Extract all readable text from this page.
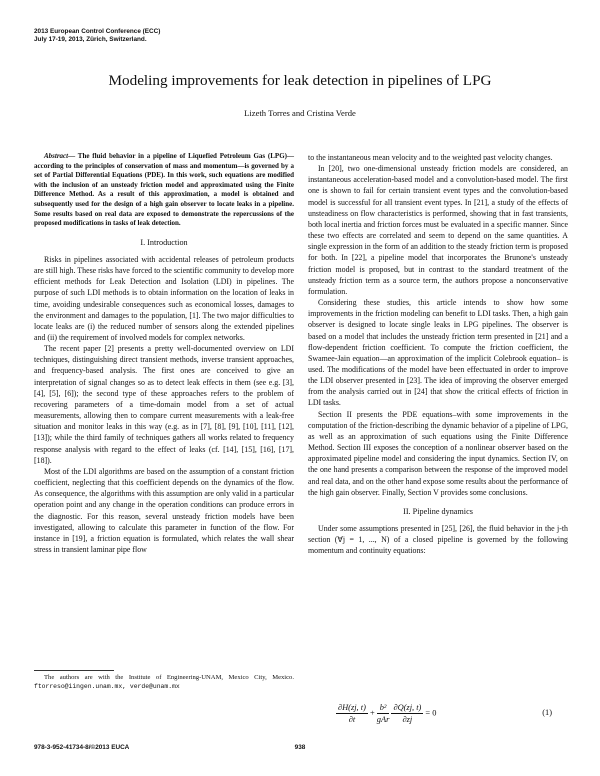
2013 European Control Conference (ECC)
July 17-19, 2013, Zürich, Switzerland.
Modeling improvements for leak detection in pipelines of LPG
Lizeth Torres and Cristina Verde

Abstract— The fluid behavior in a pipeline of Liquefied Petroleum Gas (LPG)—according to the principles of conservation of mass and momentum—is governed by a set of Partial Differential Equations (PDE). In this work, such equations are modified with the inclusion of an unsteady friction model and approximated using the Finite Difference Method. As a result of this approximation, a model is obtained and subsequently used for the design of a high gain observer to locate leaks in a pipeline. Some results based on real data are exposed to demonstrate the repercussions of the proposed modifications in tasks of leak detection.

I. Introduction

Risks in pipelines associated with accidental releases of petroleum products are still high. These risks have forced to the scientific community to develop more efficient methods for Leak Detection and Isolation (LDI) in pipelines. The purpose of such LDI methods is to obtain information on the location of leaks in time, avoiding undesirable consequences such as economical losses, damages to the environment and damages to the population, [1]. The two major difficulties to locate leaks are (i) the reduced number of sensors along the extended pipelines and (ii) the requirement of involved models for complex networks.

The recent paper [2] presents a pretty well-documented overview on LDI techniques, distinguishing direct transient methods, inverse transient approaches, and frequency-based analysis. The first ones are conceived to give an interpretation of signal changes so as to detect leak effects in them (see e.g. [3], [4], [5], [6]); the second type of these approaches refers to the problem of recovering parameters of a time-domain model from a set of actual measurements, allowing then to compare current measurements with a leak-free situation and monitor leaks in this way (e.g. as in [7], [8], [9], [10], [11], [12], [13]); while the third family of techniques gathers all works related to frequency response analysis with regard to the effect of leaks (cf. [14], [15], [16], [17], [18]).

Most of the LDI algorithms are based on the assumption of a constant friction coefficient, neglecting that this coefficient depends on the dynamics of the flow. As consequence, the algorithms with this assumption are only valid in a particular operation point and any change in the operation conditions can produce errors in the diagnostic. For this reason, several unsteady friction models have been investigated, allowing to calculate this parameter in function of the flow. For instance in [19], a friction equation is formulated, which relates the wall shear stress in transient laminar pipe flow

to the instantaneous mean velocity and to the weighted past velocity changes.

In [20], two one-dimensional unsteady friction models are considered, an instantaneous acceleration-based model and a convolution-based model. The first one is shown to fail for certain transient event types and the convolution-based model is successful for all transient event types. In [21], a study of the effects of unsteadiness on flow characteristics is performed, showing that in fast transients, both local inertia and friction forces must be evaluated in a specific manner. Since these two effects are correlated and seem to depend on the same quantities. A single expression in the form of an addition to the steady friction term is proposed for both. In [22], a pipeline model that incorporates the Brunone's unsteady friction model is proposed, but in contrast to the standard treatment of the unsteady friction term as a source term, the authors propose a nonconservative formulation.

Considering these studies, this article intends to show how some improvements in the friction modeling can benefit to LDI tasks. Then, a high gain observer is designed to locate single leaks in LPG pipelines. The observer is based on a model that includes the unsteady friction term presented in [21] and a flow-dependent friction coefficient. To compute the friction coefficient, the Swamee-Jain equation—an approximation of the implicit Colebrook equation– is used. The modifications of the model have been effectuated in order to improve the LDI observer presented in [23]. The idea of improving the observer emerged from the analysis carried out in [24] that show the critical effects of friction in LDI tasks.

Section II presents the PDE equations–with some improvements in the computation of the friction-describing the dynamic behavior of a pipeline of LPG, as well as an approximation of such equations using the Finite Difference Method. Section III exposes the conception of a nonlinear observer based on the approximated pipeline model and considering the input dynamics. Section IV, on the one hand presents a comparison between the response of the improved model and real data, and on the other hand expose some results about the performance of the high gain observer. Finally, Section V provides some conclusions.

II. Pipeline dynamics

Under some assumptions presented in [25], [26], the fluid behavior in the j-th section (∀j = 1, ..., N) of a closed pipeline is governed by the following momentum and continuity equations:

$\frac{\partial H(zj, t)}{\partial t} + \frac{\text{b²}}{\text{gAr}}$
$\frac{\partial Q(zj, t)}{\partial zj} = 0$	(1)

The authors are with the Institute of Engineering-UNAM, Mexico City, Mexico. ftorreso@iingen.unam.mx, verde@unam.mx

978-3-952-41734-8/©2013 EUCA	938
